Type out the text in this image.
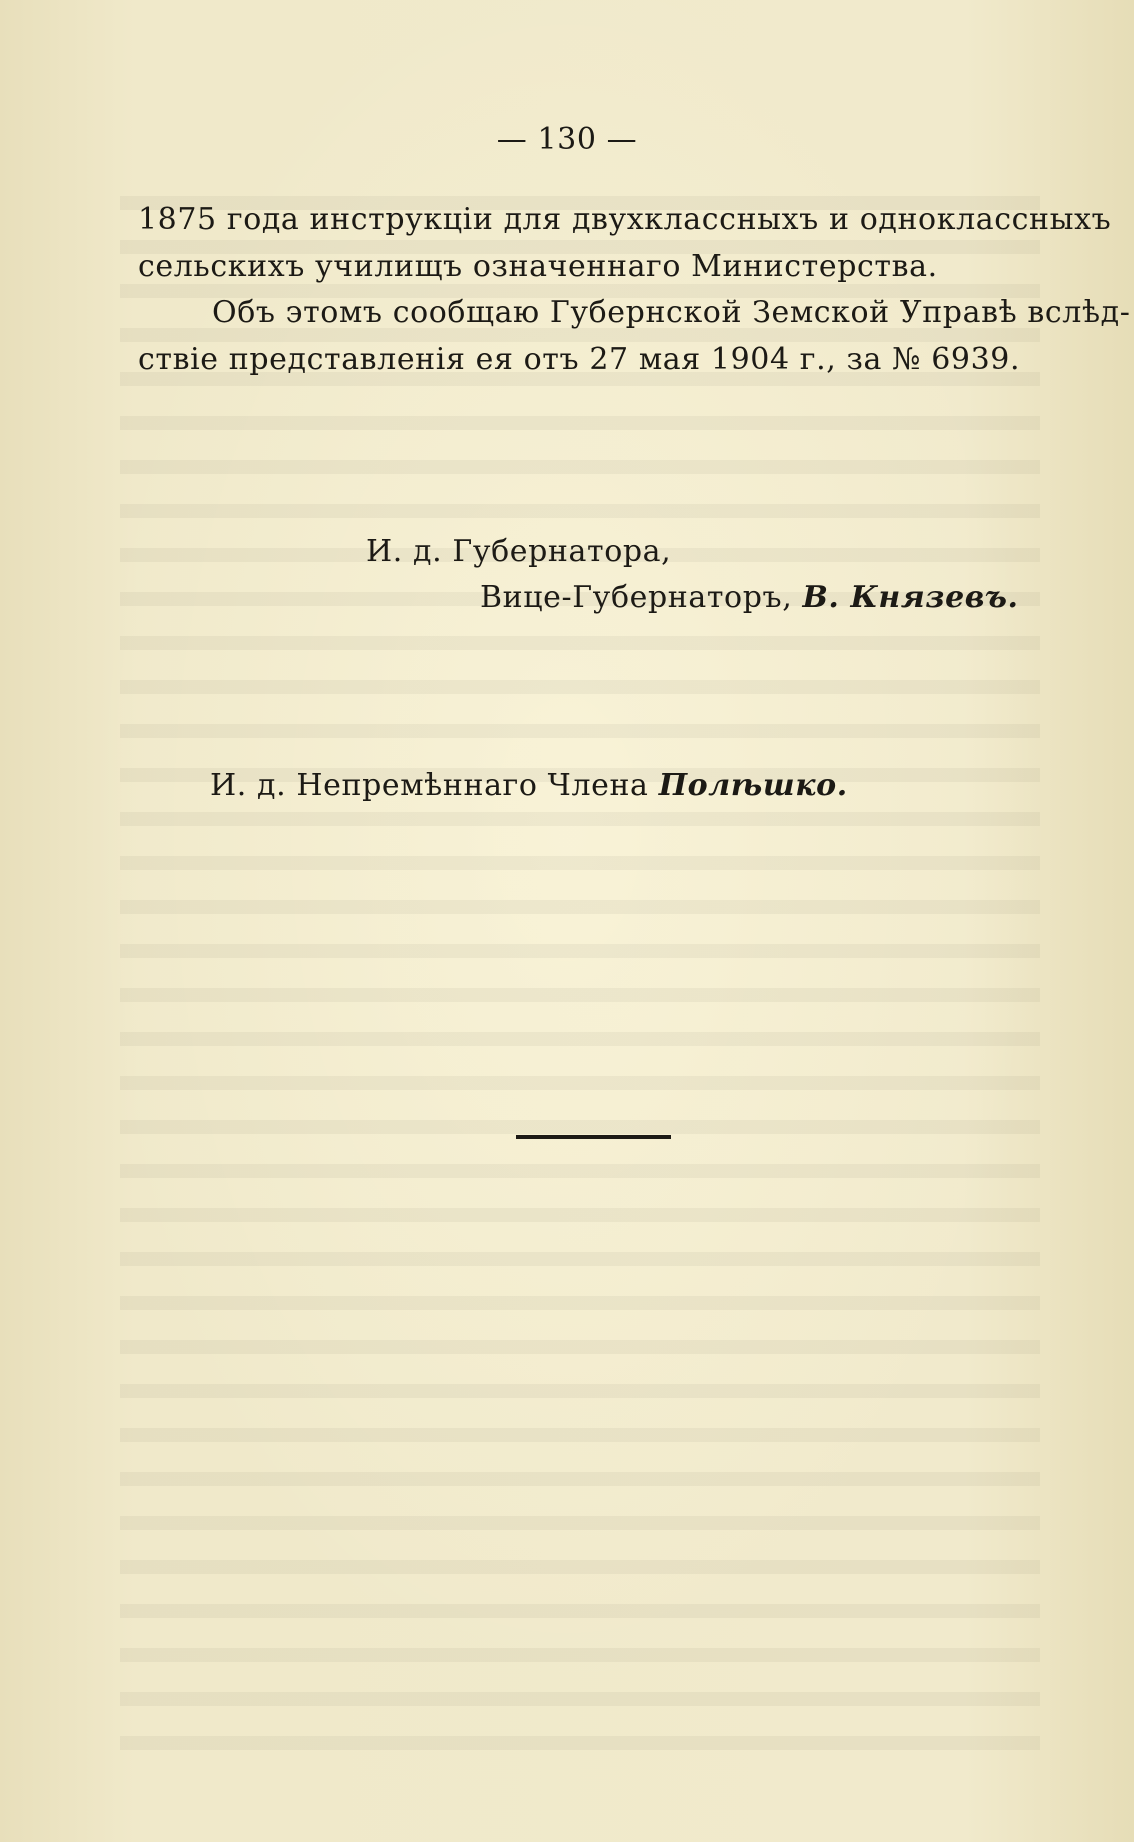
— 130 —
1875 года инструкціи для двухклассныхъ и одноклассныхъ
сельскихъ училищъ означеннаго Министерства.
Объ этомъ сообщаю Губернской Земской Управѣ вслѣд-
ствіе представленія ея отъ 27 мая 1904 г., за № 6939.
И. д. Губернатора,
Вице-Губернаторъ, В. Князевъ.
И. д. Непремѣннаго Члена Полѣшко.
